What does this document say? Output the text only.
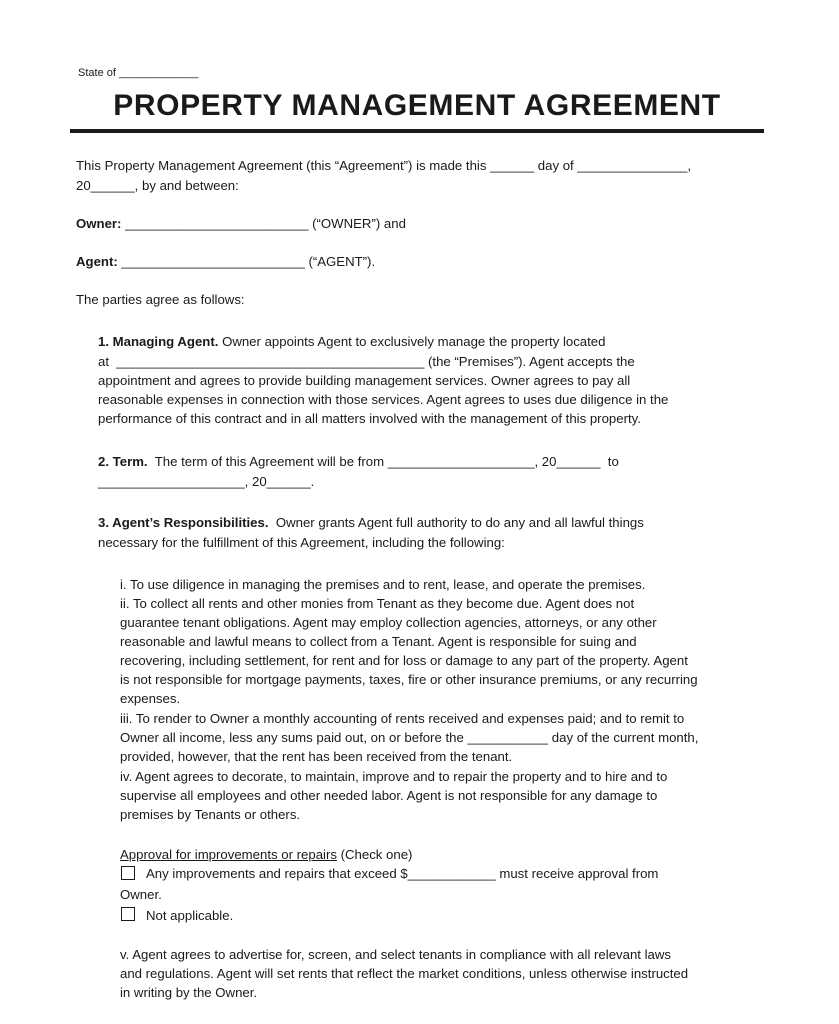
State of _____________
PROPERTY MANAGEMENT AGREEMENT
This Property Management Agreement (this “Agreement”) is made this ______ day of _______________,
20______, by and between:
Owner: _________________________ (“OWNER”) and
Agent: _________________________ (“AGENT”).
The parties agree as follows:
1. Managing Agent. Owner appoints Agent to exclusively manage the property located
at  __________________________________________ (the “Premises”). Agent accepts the
appointment and agrees to provide building management services. Owner agrees to pay all
reasonable expenses in connection with those services. Agent agrees to uses due diligence in the
performance of this contract and in all matters involved with the management of this property.
2. Term.  The term of this Agreement will be from ____________________, 20______  to
____________________, 20______.
3. Agent’s Responsibilities.  Owner grants Agent full authority to do any and all lawful things
necessary for the fulfillment of this Agreement, including the following:
i. To use diligence in managing the premises and to rent, lease, and operate the premises.
ii. To collect all rents and other monies from Tenant as they become due. Agent does not
guarantee tenant obligations. Agent may employ collection agencies, attorneys, or any other
reasonable and lawful means to collect from a Tenant. Agent is responsible for suing and
recovering, including settlement, for rent and for loss or damage to any part of the property. Agent
is not responsible for mortgage payments, taxes, fire or other insurance premiums, or any recurring
expenses.
iii. To render to Owner a monthly accounting of rents received and expenses paid; and to remit to
Owner all income, less any sums paid out, on or before the ___________ day of the current month,
provided, however, that the rent has been received from the tenant.
iv. Agent agrees to decorate, to maintain, improve and to repair the property and to hire and to
supervise all employees and other needed labor. Agent is not responsible for any damage to
premises by Tenants or others.
Approval for improvements or repairs (Check one)
Any improvements and repairs that exceed $____________ must receive approval from
Owner.
Not applicable.
v. Agent agrees to advertise for, screen, and select tenants in compliance with all relevant laws
and regulations. Agent will set rents that reflect the market conditions, unless otherwise instructed
in writing by the Owner.
